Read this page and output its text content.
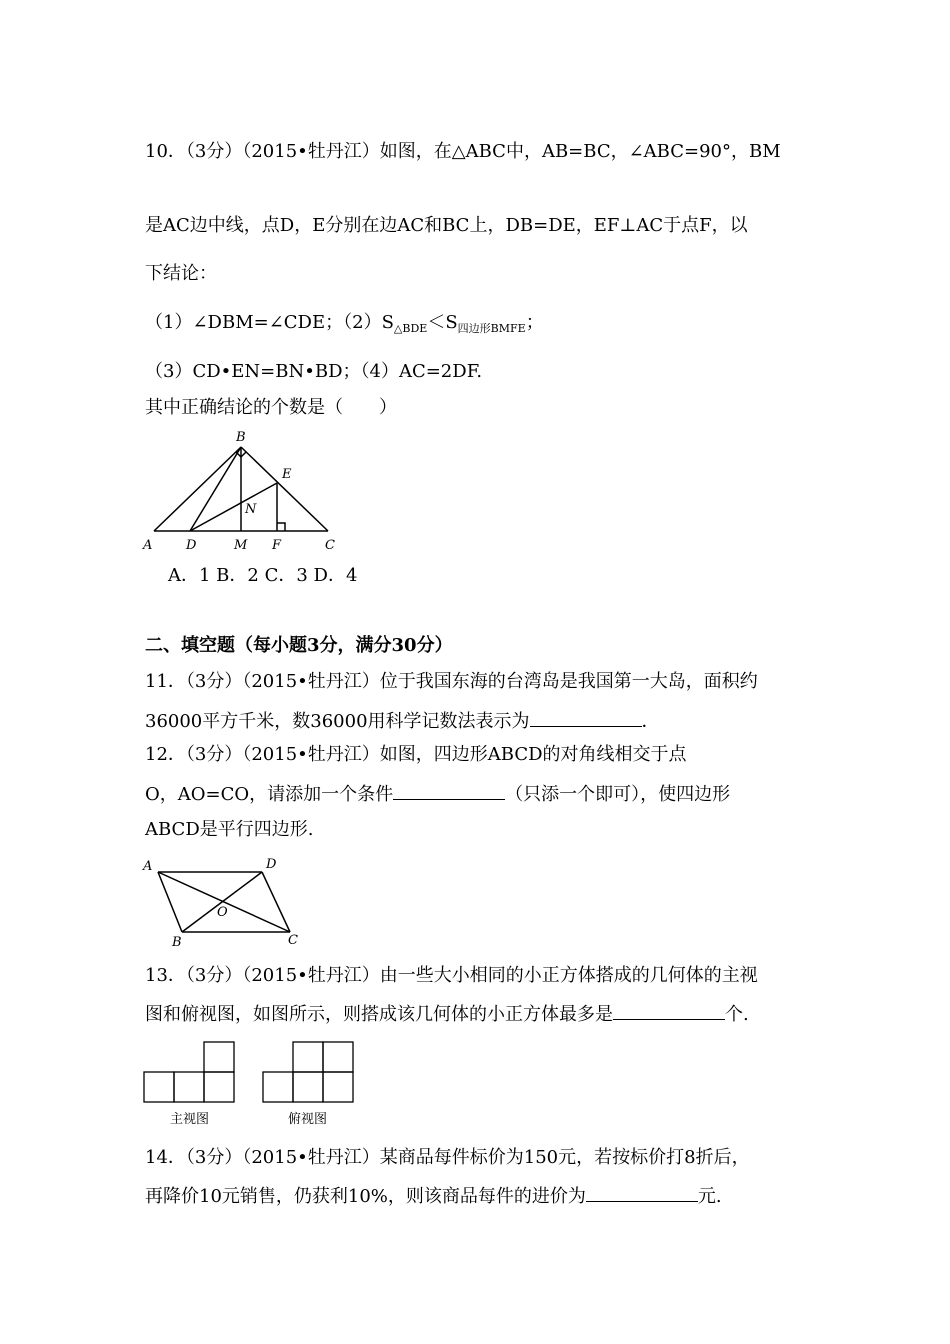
10．（3分）（2015•牡丹江）如图，在△ABC中，AB=BC，∠ABC=90°，BM
是AC边中线，点D，E分别在边AC和BC上，DB=DE，EF⊥AC于点F，以
下结论：
（1）∠DBM=∠CDE；$(2)S_{\triangle BDE}<S_{四边形BMFE}$；
（3）CD•EN=BN•BD；（4）AC=2DF.
其中正确结论的个数是（　　）
B
E
N
A	D	M F	C
A．1 B．2 C．3 D．4
二、填空题（每小题3分，满分30分）
11．（3分）（2015•牡丹江）位于我国东海的台湾岛是我国第一大岛，面积约
36000平方千米，数36000用科学记数法表示为	．
12．（3分）（2015•牡丹江）如图，四边形ABCD的对角线相交于点
O，AO=CO，请添加一个条件	（只添一个即可），使四边形
ABCD是平行四边形.
A	D
O
B	C
13．（3分）（2015•牡丹江）由一些大小相同的小正方体搭成的几何体的主视
图和俯视图，如图所示，则搭成该几何体的小正方体最多是	个.
主视图	俯视图
14．（3分）（2015•牡丹江）某商品每件标价为150元，若按标价打8折后，
再降价10元销售，仍获利10%，则该商品每件的进价为	元.
